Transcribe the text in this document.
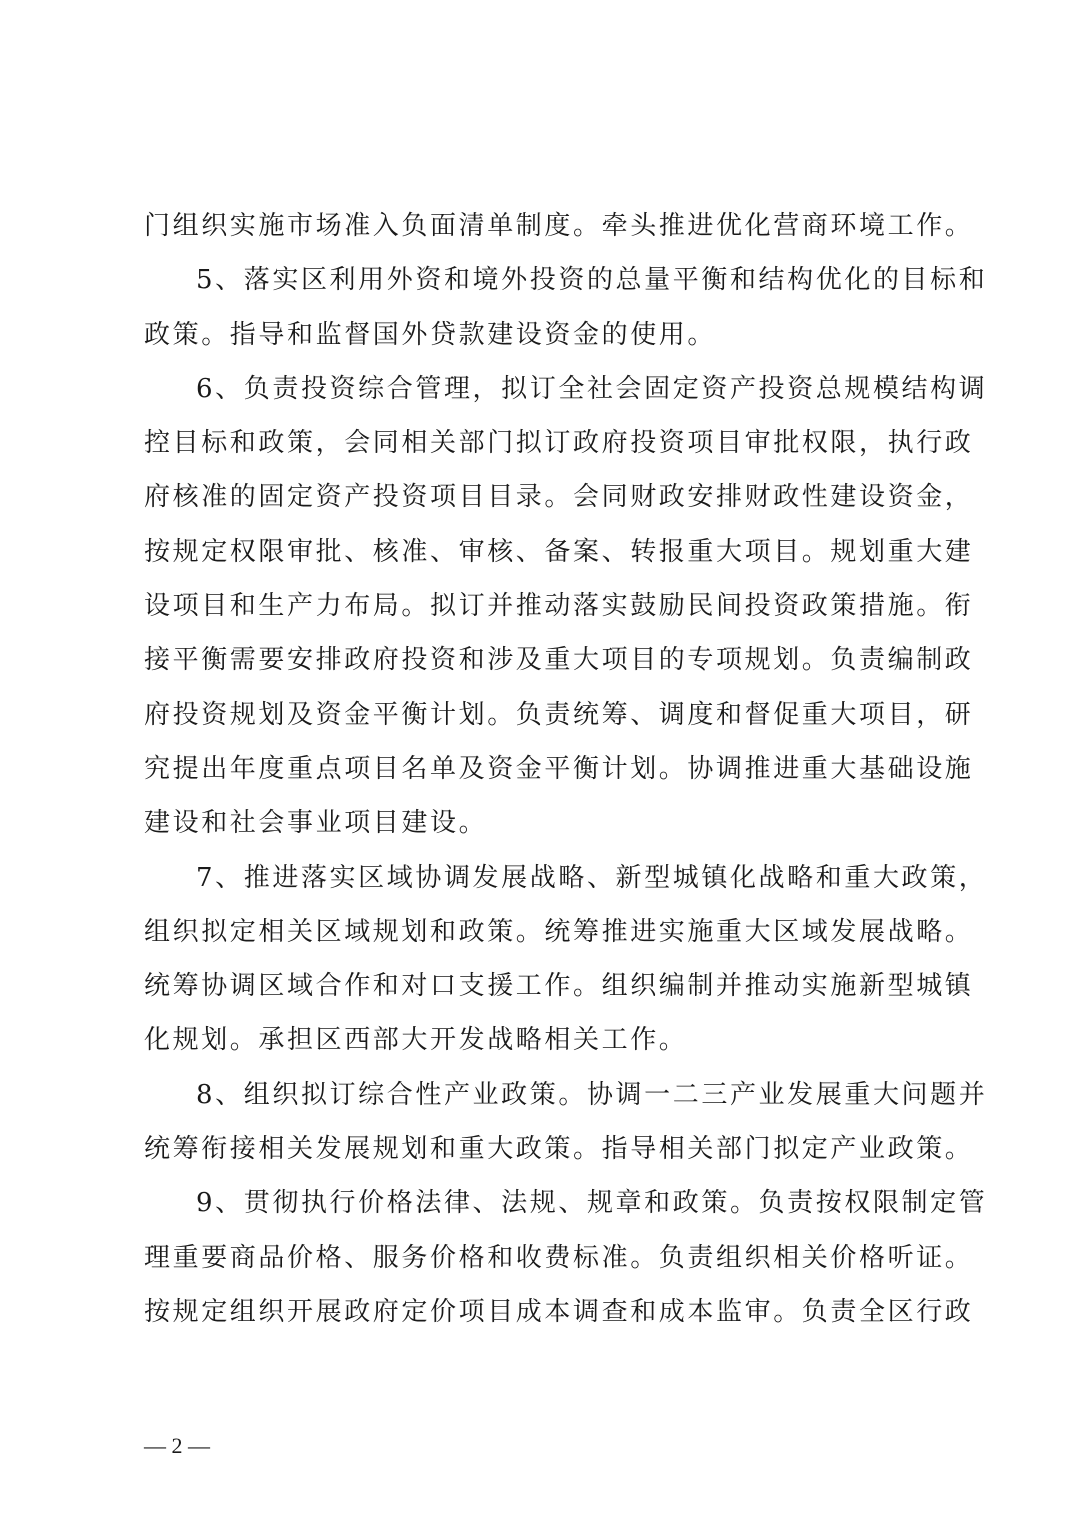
门组织实施市场准入负面清单制度。牵头推进优化营商环境工作。
5、落实区利用外资和境外投资的总量平衡和结构优化的目标和
政策。指导和监督国外贷款建设资金的使用。
6、负责投资综合管理，拟订全社会固定资产投资总规模结构调
控目标和政策，会同相关部门拟订政府投资项目审批权限，执行政
府核准的固定资产投资项目目录。会同财政安排财政性建设资金，
按规定权限审批、核准、审核、备案、转报重大项目。规划重大建
设项目和生产力布局。拟订并推动落实鼓励民间投资政策措施。衔
接平衡需要安排政府投资和涉及重大项目的专项规划。负责编制政
府投资规划及资金平衡计划。负责统筹、调度和督促重大项目，研
究提出年度重点项目名单及资金平衡计划。协调推进重大基础设施
建设和社会事业项目建设。
7、推进落实区域协调发展战略、新型城镇化战略和重大政策，
组织拟定相关区域规划和政策。统筹推进实施重大区域发展战略。
统筹协调区域合作和对口支援工作。组织编制并推动实施新型城镇
化规划。承担区西部大开发战略相关工作。
8、组织拟订综合性产业政策。协调一二三产业发展重大问题并
统筹衔接相关发展规划和重大政策。指导相关部门拟定产业政策。
9、贯彻执行价格法律、法规、规章和政策。负责按权限制定管
理重要商品价格、服务价格和收费标准。负责组织相关价格听证。
按规定组织开展政府定价项目成本调查和成本监审。负责全区行政
— 2 —
